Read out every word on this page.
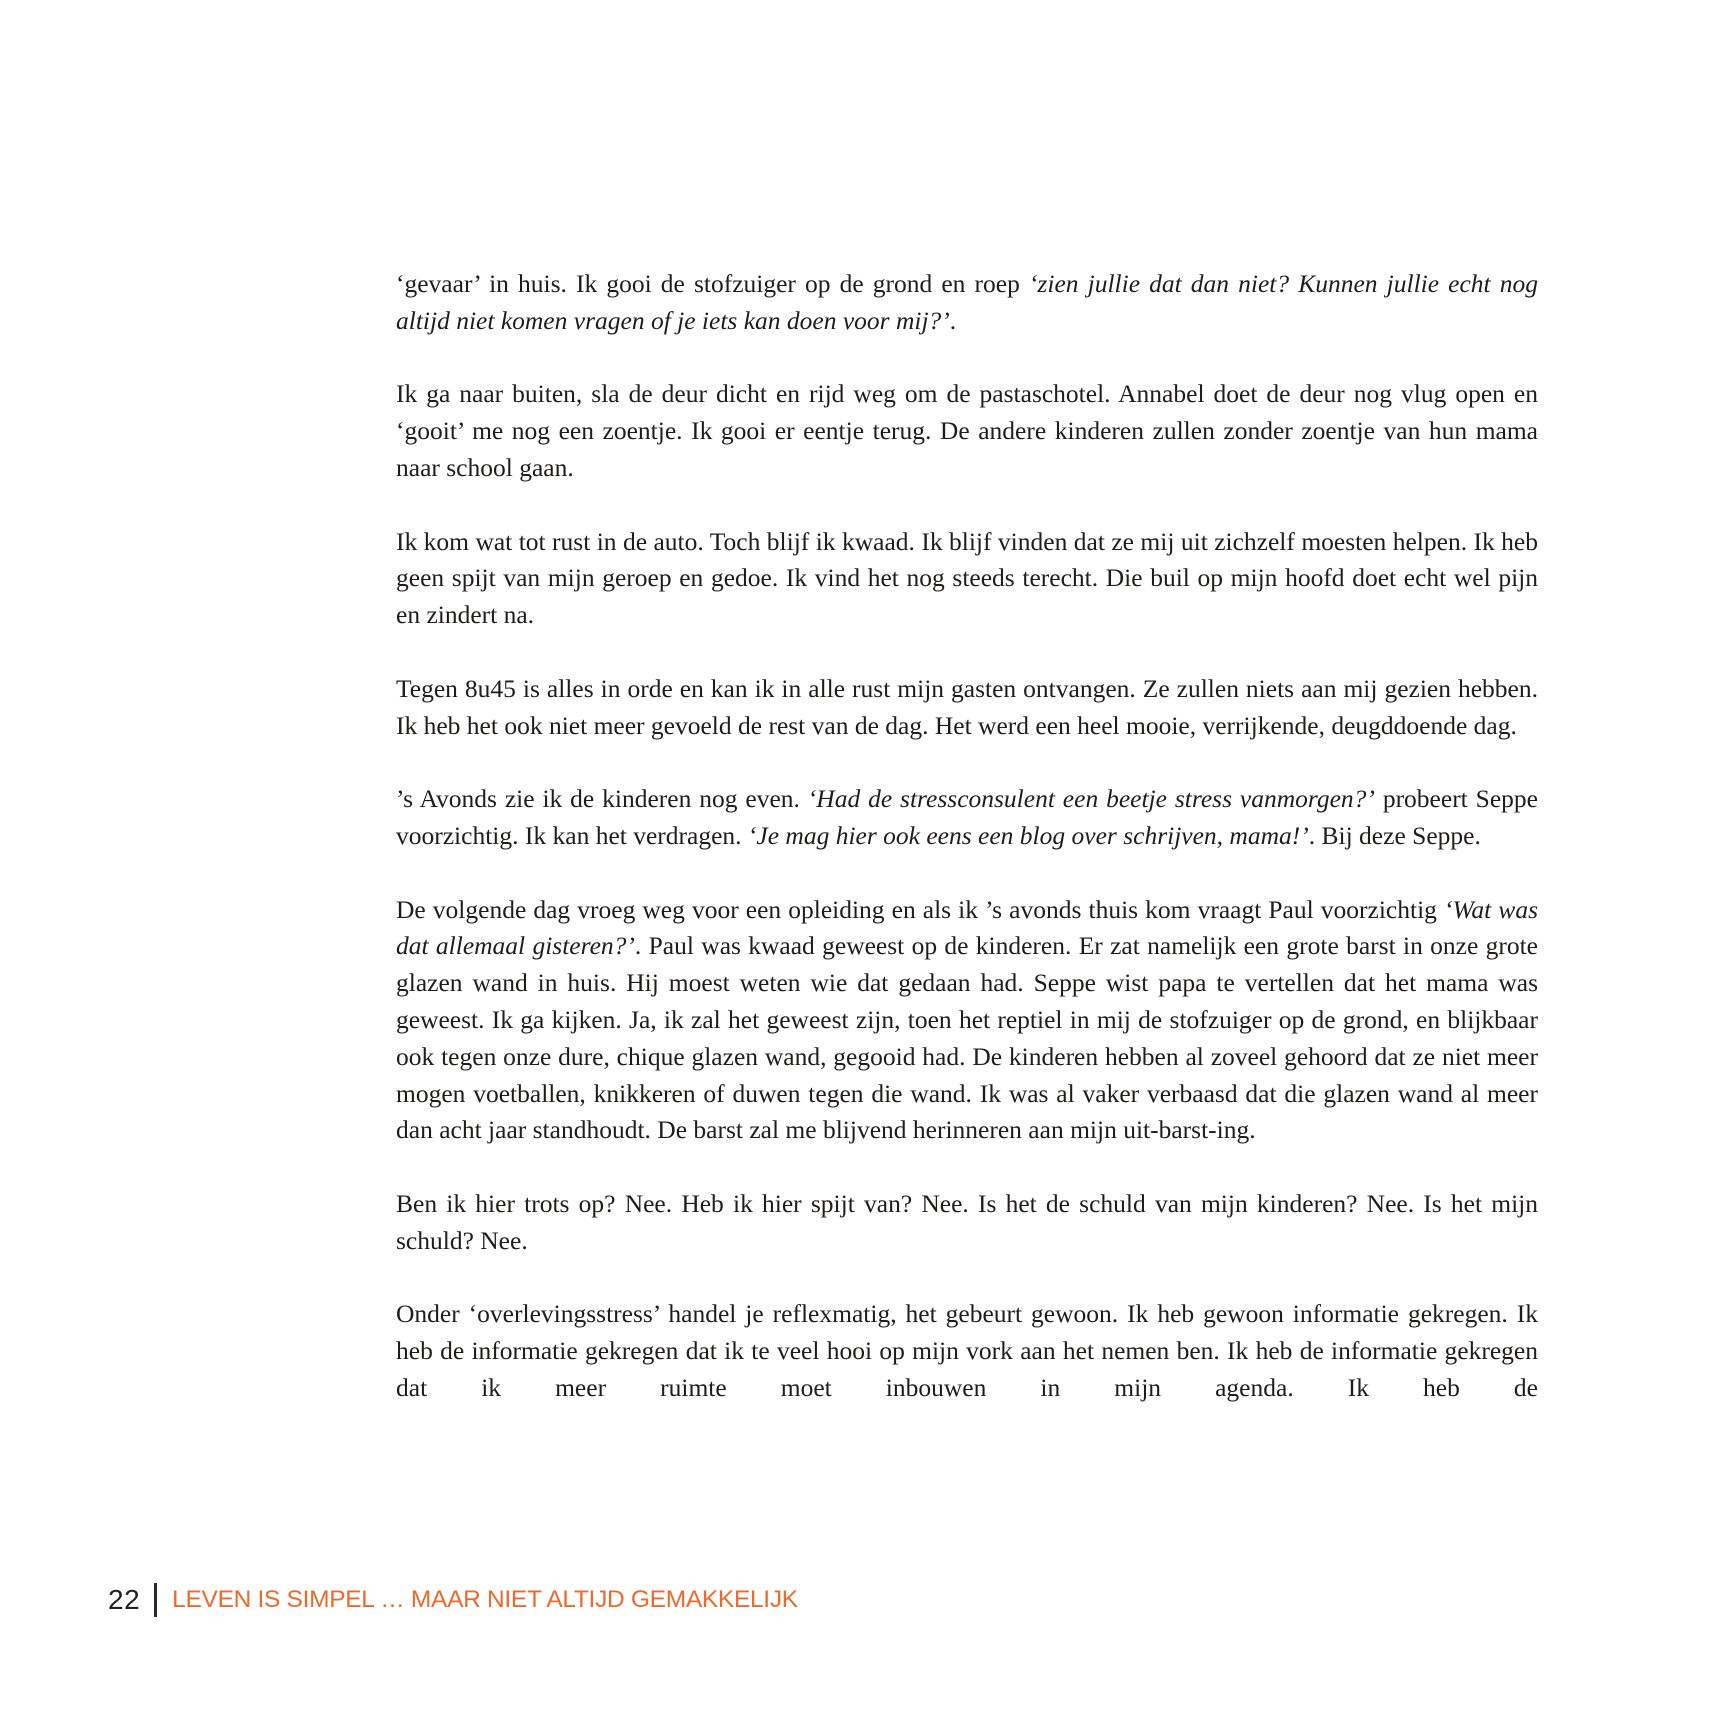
‘gevaar’ in huis. Ik gooi de stofzuiger op de grond en roep ‘zien jullie dat dan niet? Kunnen jullie echt nog altijd niet komen vragen of je iets kan doen voor mij?’.

Ik ga naar buiten, sla de deur dicht en rijd weg om de pastaschotel. Annabel doet de deur nog vlug open en ‘gooit’ me nog een zoentje. Ik gooi er eentje terug. De andere kinderen zullen zonder zoentje van hun mama naar school gaan.

Ik kom wat tot rust in de auto. Toch blijf ik kwaad. Ik blijf vinden dat ze mij uit zichzelf moesten helpen. Ik heb geen spijt van mijn geroep en gedoe. Ik vind het nog steeds terecht. Die buil op mijn hoofd doet echt wel pijn en zindert na.

Tegen 8u45 is alles in orde en kan ik in alle rust mijn gasten ontvangen. Ze zullen niets aan mij gezien hebben. Ik heb het ook niet meer gevoeld de rest van de dag. Het werd een heel mooie, verrijkende, deugddoende dag.

’s Avonds zie ik de kinderen nog even. ‘Had de stressconsulent een beetje stress vanmorgen?’ probeert Seppe voorzichtig. Ik kan het verdragen. ‘Je mag hier ook eens een blog over schrijven, mama!’. Bij deze Seppe.

De volgende dag vroeg weg voor een opleiding en als ik ’s avonds thuis kom vraagt Paul voorzichtig ‘Wat was dat allemaal gisteren?’. Paul was kwaad geweest op de kinderen. Er zat namelijk een grote barst in onze grote glazen wand in huis. Hij moest weten wie dat gedaan had. Seppe wist papa te vertellen dat het mama was geweest. Ik ga kijken. Ja, ik zal het geweest zijn, toen het reptiel in mij de stofzuiger op de grond, en blijkbaar ook tegen onze dure, chique glazen wand, gegooid had. De kinderen hebben al zoveel gehoord dat ze niet meer mogen voetballen, knikkeren of duwen tegen die wand. Ik was al vaker verbaasd dat die glazen wand al meer dan acht jaar standhoudt. De barst zal me blijvend herinneren aan mijn uit-barst-ing.

Ben ik hier trots op? Nee. Heb ik hier spijt van? Nee. Is het de schuld van mijn kinderen? Nee. Is het mijn schuld? Nee.

Onder ‘overlevingsstress’ handel je reflexmatig, het gebeurt gewoon. Ik heb gewoon informatie gekregen. Ik heb de informatie gekregen dat ik te veel hooi op mijn vork aan het nemen ben. Ik heb de informatie gekregen dat ik meer ruimte moet inbouwen in mijn agenda. Ik heb de

22 LEVEN IS SIMPEL … MAAR NIET ALTIJD GEMAKKELIJK
